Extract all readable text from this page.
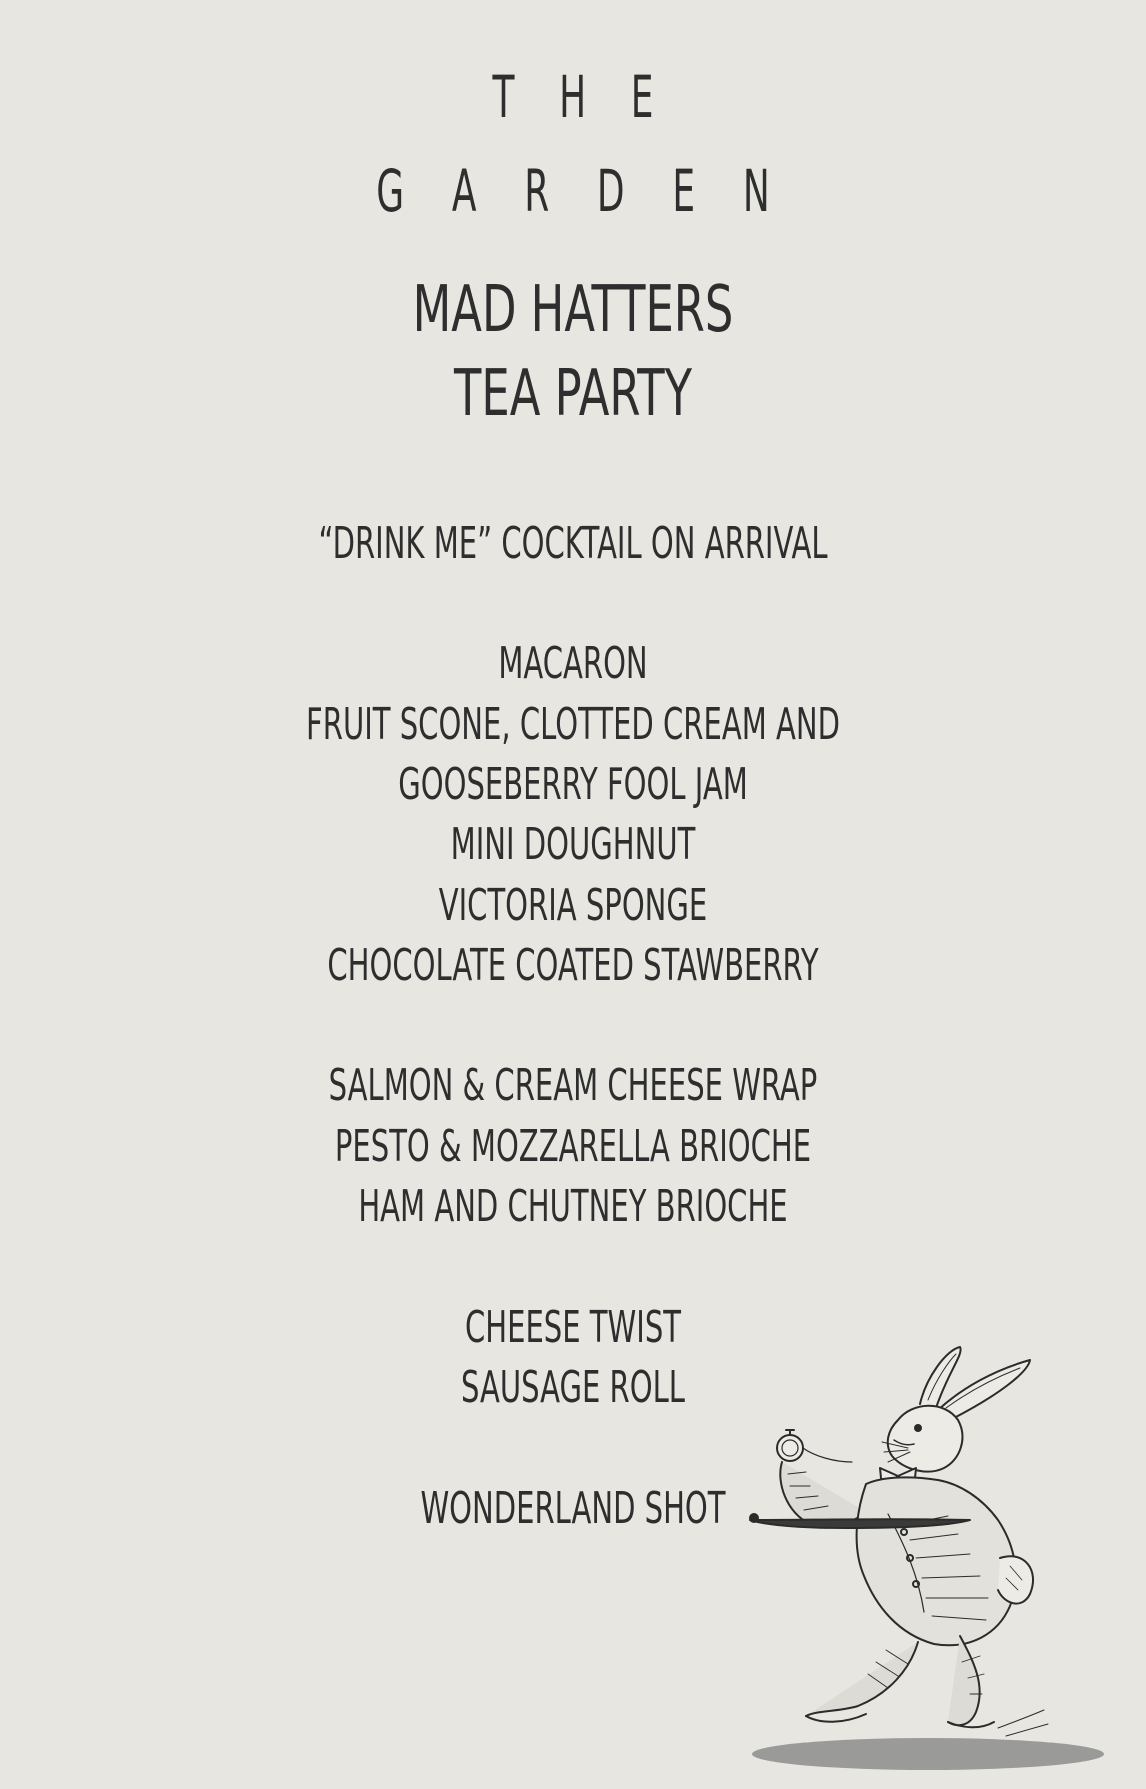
THE
GARDEN
MAD HATTERS
TEA PARTY
“DRINK ME” COCKTAIL ON ARRIVAL
MACARON
FRUIT SCONE, CLOTTED CREAM AND
GOOSEBERRY FOOL JAM
MINI DOUGHNUT
VICTORIA SPONGE
CHOCOLATE COATED STAWBERRY
SALMON & CREAM CHEESE WRAP
PESTO & MOZZARELLA BRIOCHE
HAM AND CHUTNEY BRIOCHE
CHEESE TWIST
SAUSAGE ROLL
WONDERLAND SHOT
